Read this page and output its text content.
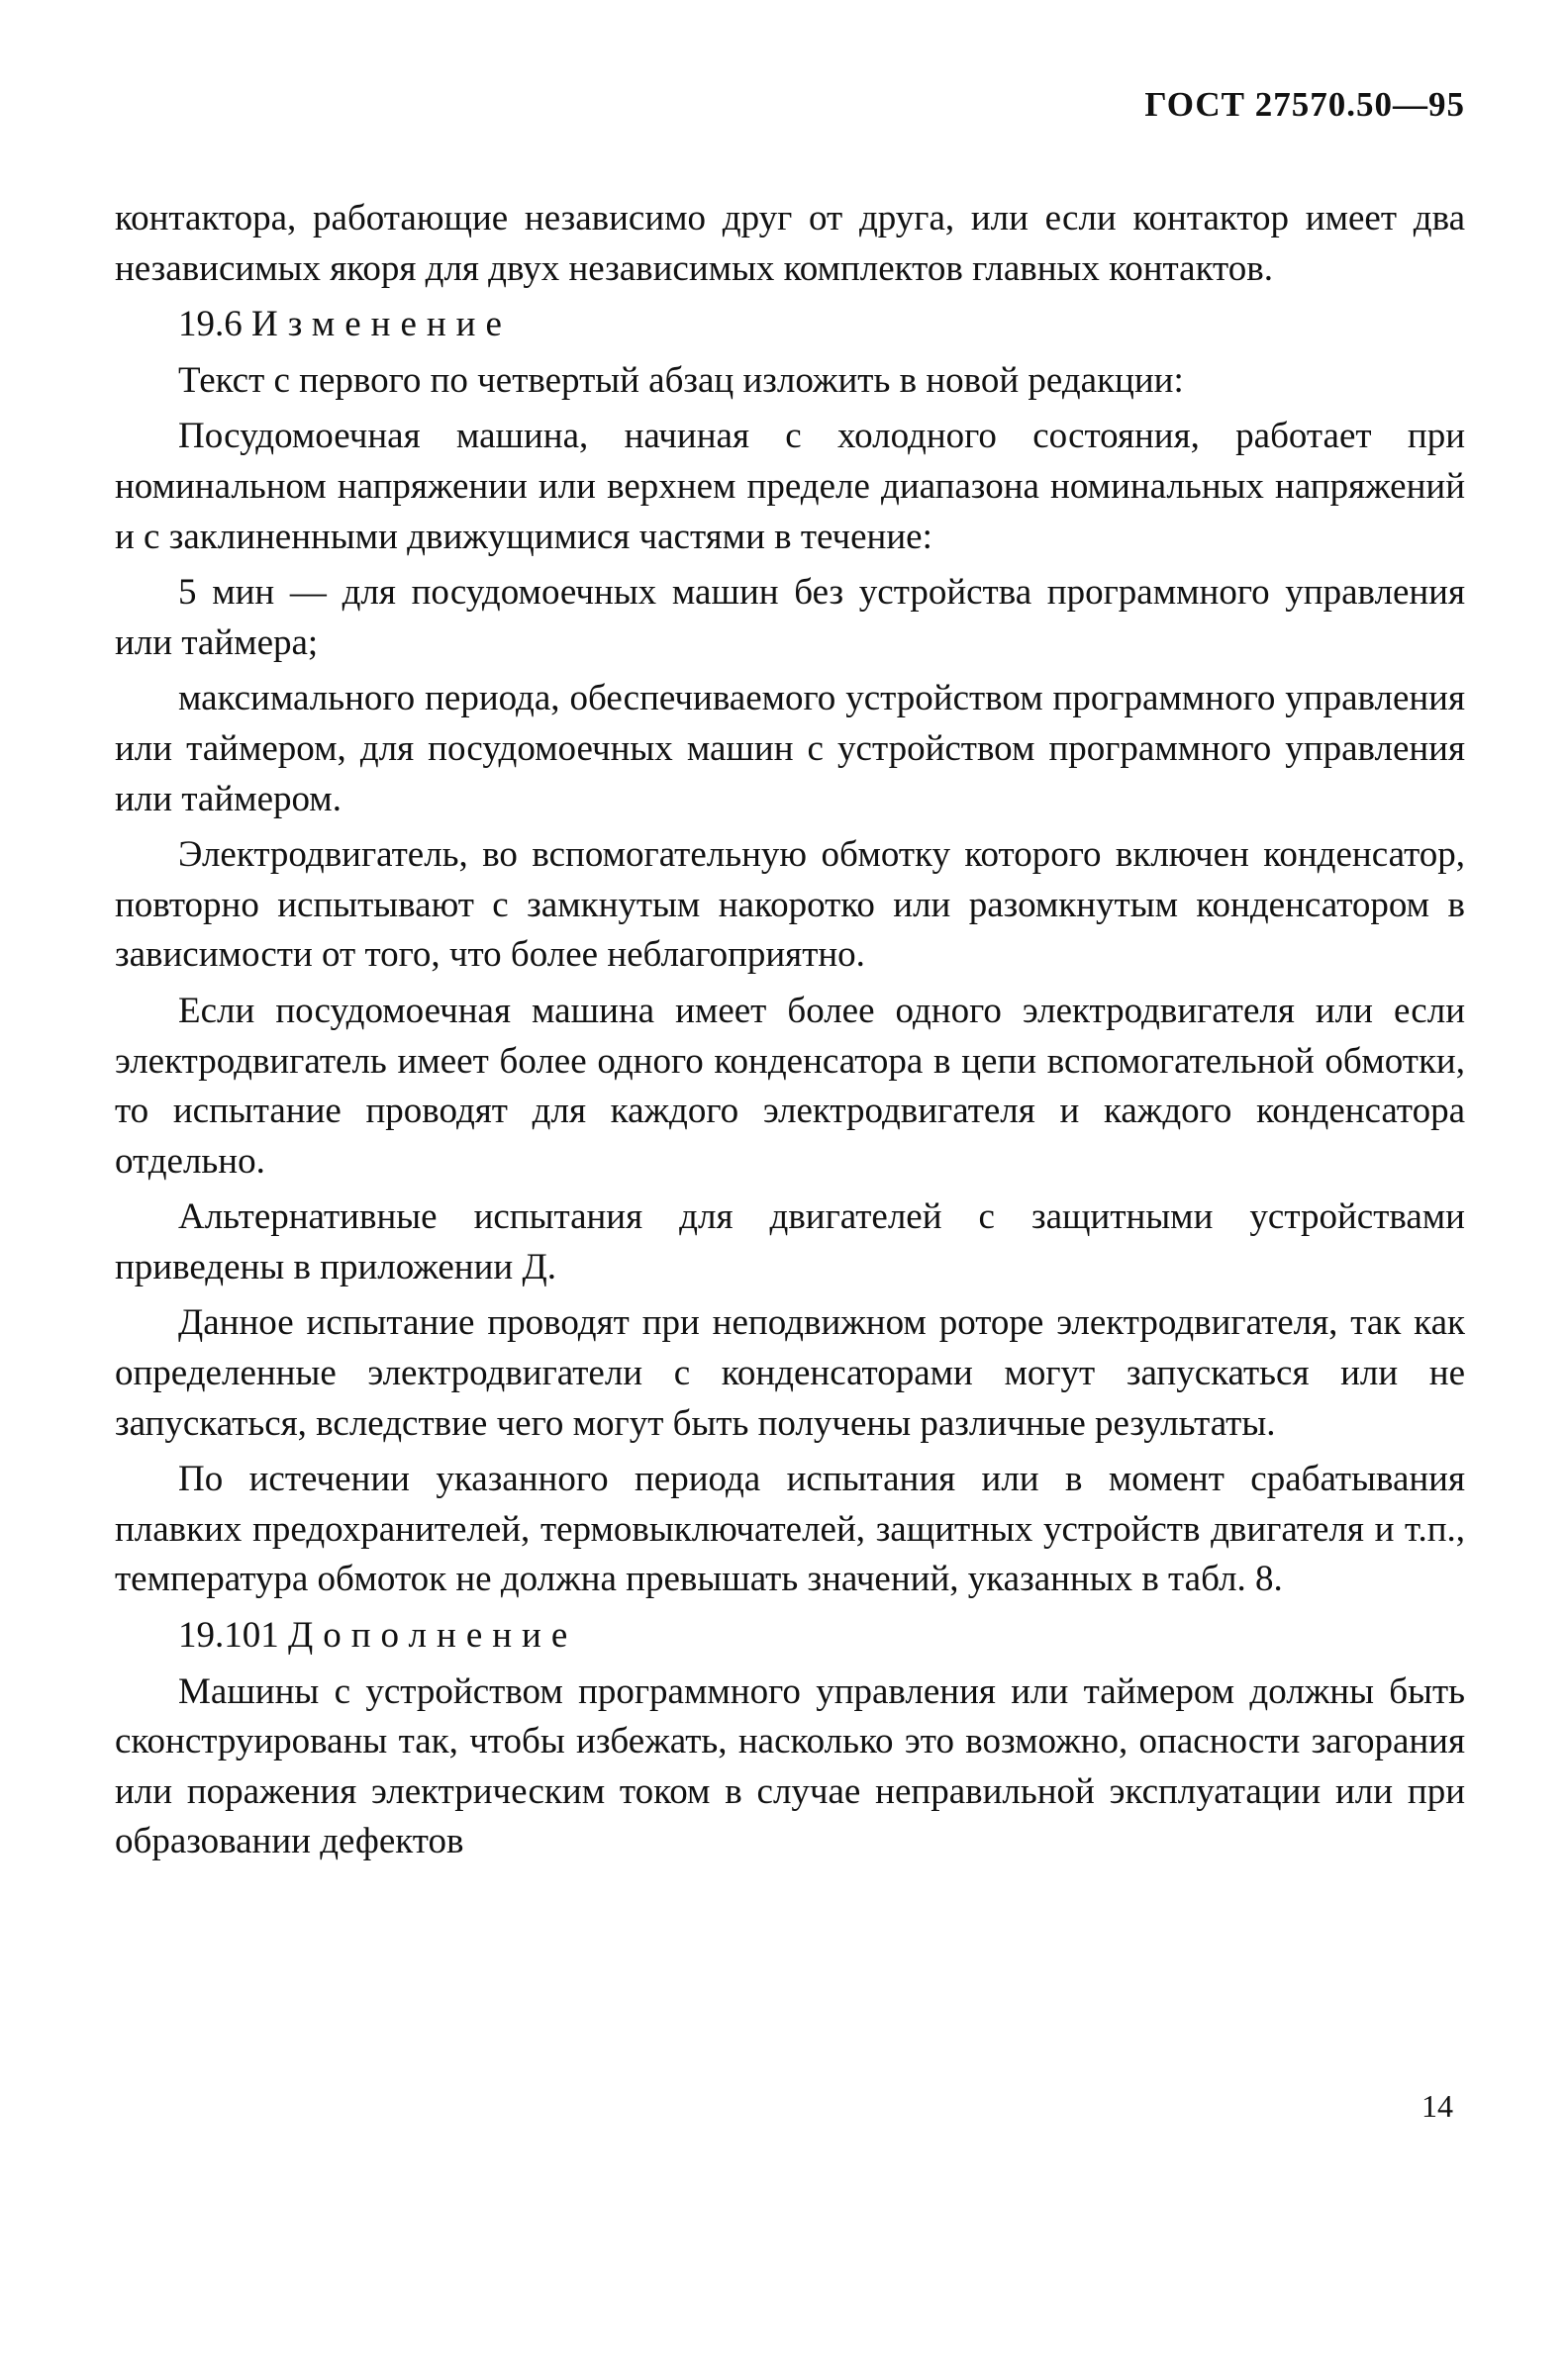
ГОСТ 27570.50—95

контактора, работающие независимо друг от друга, или если контактор имеет два независимых якоря для двух независимых комплектов главных контактов.

19.6 Изменение

Текст с первого по четвертый абзац изложить в новой редакции:

Посудомоечная машина, начиная с холодного состояния, работает при номинальном напряжении или верхнем пределе диапазона номинальных напряжений и с заклиненными движущимися частями в течение:

5 мин — для посудомоечных машин без устройства программного управления или таймера;

максимального периода, обеспечиваемого устройством программного управления или таймером, для посудомоечных машин с устройством программного управления или таймером.

Электродвигатель, во вспомогательную обмотку которого включен конденсатор, повторно испытывают с замкнутым накоротко или разомкнутым конденсатором в зависимости от того, что более неблагоприятно.

Если посудомоечная машина имеет более одного электродвигателя или если электродвигатель имеет более одного конденсатора в цепи вспомогательной обмотки, то испытание проводят для каждого электродвигателя и каждого конденсатора отдельно.

Альтернативные испытания для двигателей с защитными устройствами приведены в приложении Д.

Данное испытание проводят при неподвижном роторе электродвигателя, так как определенные электродвигатели с конденсаторами могут запускаться или не запускаться, вследствие чего могут быть получены различные результаты.

По истечении указанного периода испытания или в момент срабатывания плавких предохранителей, термовыключателей, защитных устройств двигателя и т.п., температура обмоток не должна превышать значений, указанных в табл. 8.

19.101 Дополнение

Машины с устройством программного управления или таймером должны быть сконструированы так, чтобы избежать, насколько это возможно, опасности загорания или поражения электрическим током в случае неправильной эксплуатации или при образовании дефектов

14
